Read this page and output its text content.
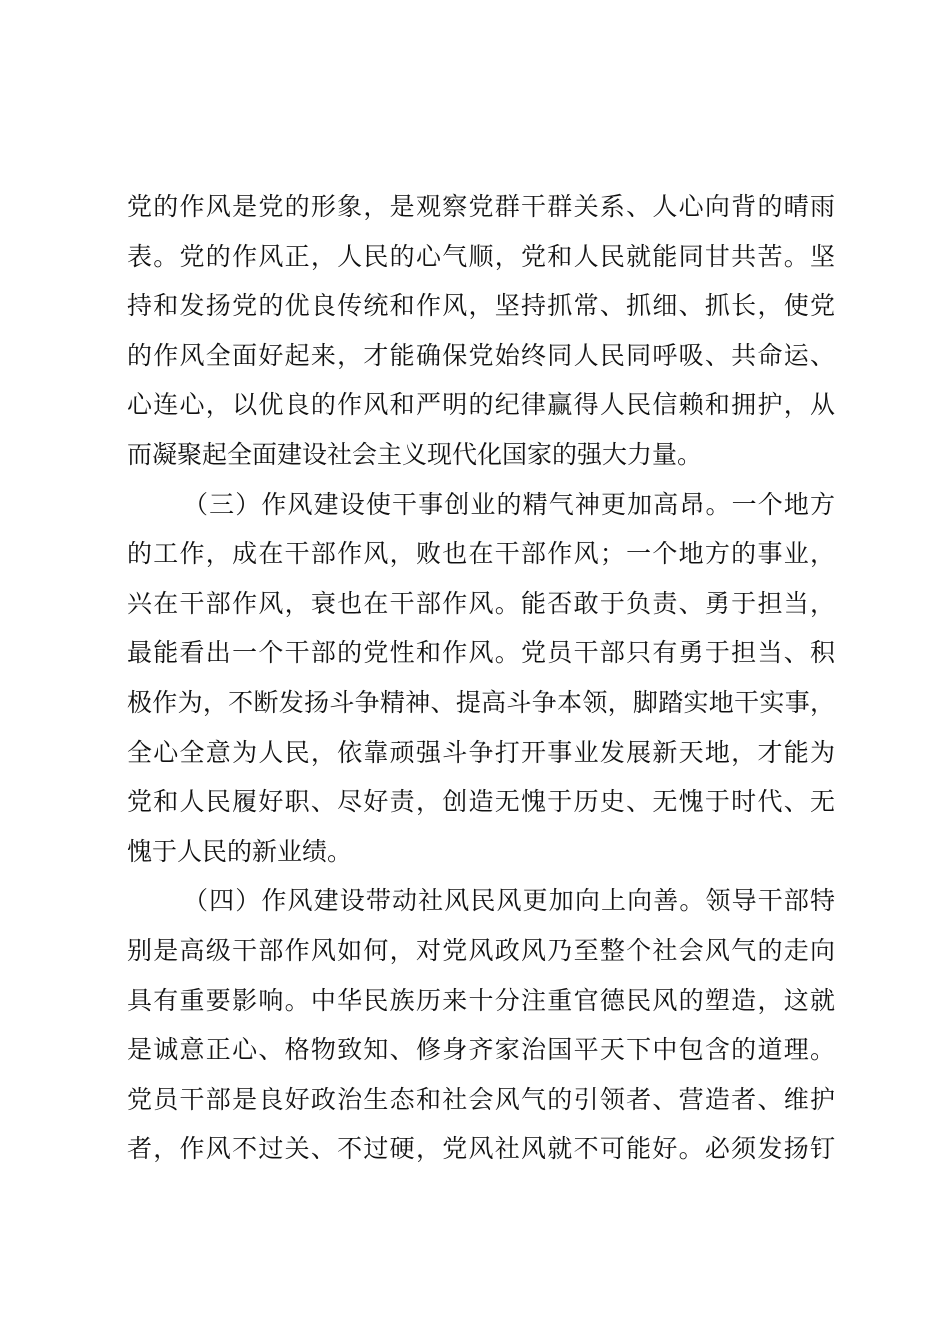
党的作风是党的形象，是观察党群干群关系、人心向背的晴雨
表。党的作风正，人民的心气顺，党和人民就能同甘共苦。坚
持和发扬党的优良传统和作风，坚持抓常、抓细、抓长，使党
的作风全面好起来，才能确保党始终同人民同呼吸、共命运、
心连心，以优良的作风和严明的纪律赢得人民信赖和拥护，从
而凝聚起全面建设社会主义现代化国家的强大力量。
（三）作风建设使干事创业的精气神更加高昂。一个地方
的工作，成在干部作风，败也在干部作风；一个地方的事业，
兴在干部作风，衰也在干部作风。能否敢于负责、勇于担当，
最能看出一个干部的党性和作风。党员干部只有勇于担当、积
极作为，不断发扬斗争精神、提高斗争本领，脚踏实地干实事，
全心全意为人民，依靠顽强斗争打开事业发展新天地，才能为
党和人民履好职、尽好责，创造无愧于历史、无愧于时代、无
愧于人民的新业绩。
（四）作风建设带动社风民风更加向上向善。领导干部特
别是高级干部作风如何，对党风政风乃至整个社会风气的走向
具有重要影响。中华民族历来十分注重官德民风的塑造，这就
是诚意正心、格物致知、修身齐家治国平天下中包含的道理。
党员干部是良好政治生态和社会风气的引领者、营造者、维护
者，作风不过关、不过硬，党风社风就不可能好。必须发扬钉
